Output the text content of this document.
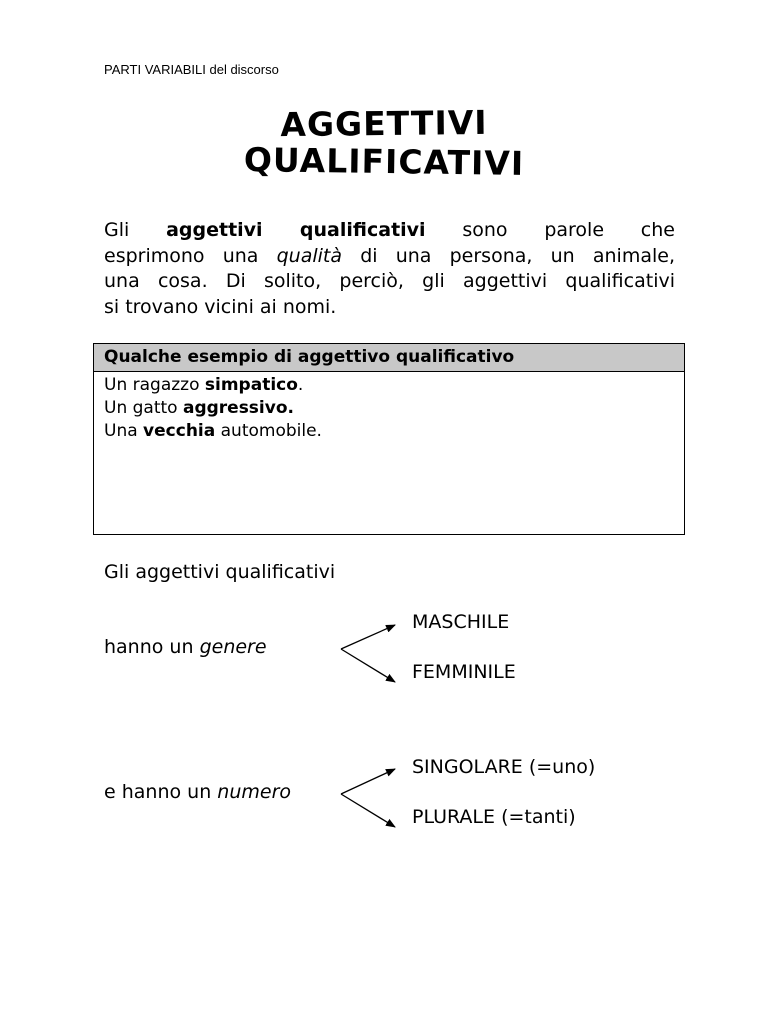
PARTI VARIABILI del discorso
AGGETTIVI
QUALIFICATIVI
Gli aggettivi qualificativi sono parole che
esprimono una qualità di una persona, un animale,
una cosa. Di solito, perciò, gli aggettivi qualificativi
si trovano vicini ai nomi.
Qualche esempio di aggettivo qualificativo
Un ragazzo simpatico.
Un gatto aggressivo.
Una vecchia automobile.
Gli aggettivi qualificativi
hanno un genere
MASCHILE
FEMMINILE
e hanno un numero
SINGOLARE (=uno)
PLURALE (=tanti)
